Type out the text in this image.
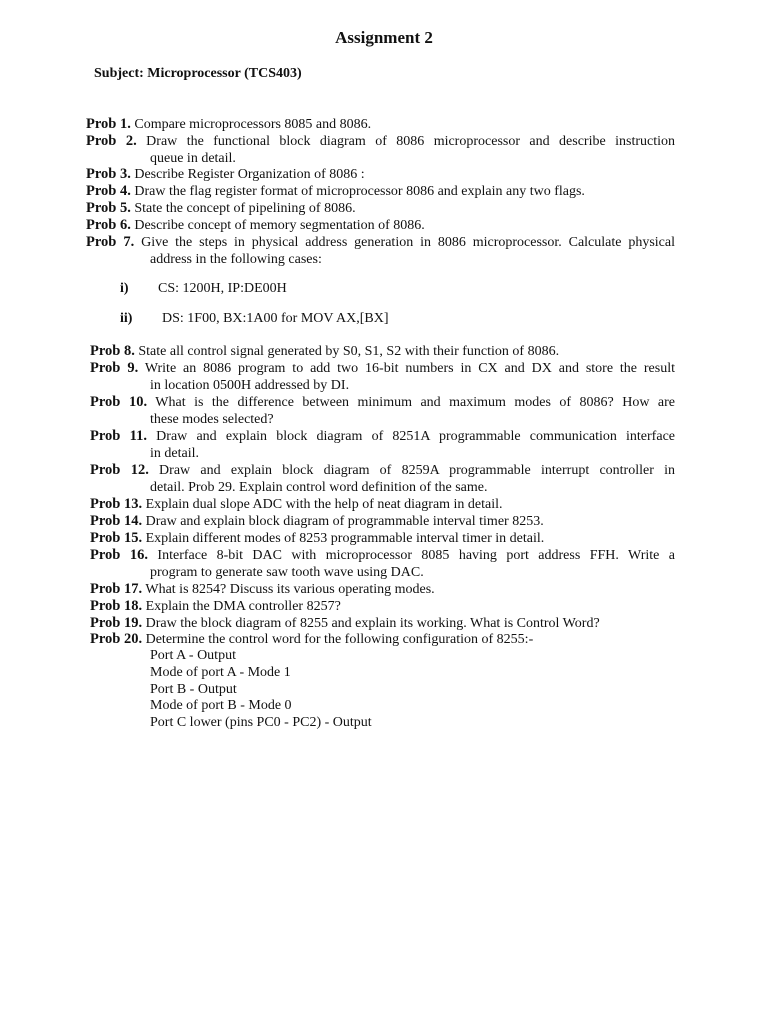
Assignment 2
Subject: Microprocessor (TCS403)
Prob 1. Compare microprocessors 8085 and 8086.
Prob 2. Draw the functional block diagram of 8086 microprocessor and describe instruction
queue in detail.
Prob 3. Describe Register Organization of 8086 :
Prob 4. Draw the flag register format of microprocessor 8086 and explain any two flags.
Prob 5. State the concept of pipelining of 8086.
Prob 6. Describe concept of memory segmentation of 8086.
Prob 7. Give the steps in physical address generation in 8086 microprocessor. Calculate physical
address in the following cases:
Prob 8. State all control signal generated by S0, S1, S2 with their function of 8086.
Prob 9. Write an 8086 program to add two 16-bit numbers in CX and DX and store the result
in location 0500H addressed by DI.
Prob 10. What is the difference between minimum and maximum modes of 8086? How are
these modes selected?
Prob 11. Draw and explain block diagram of 8251A programmable communication interface
in detail.
Prob 12. Draw and explain block diagram of 8259A programmable interrupt controller in
detail. Prob 29. Explain control word definition of the same.
Prob 13. Explain dual slope ADC with the help of neat diagram in detail.
Prob 14. Draw and explain block diagram of programmable interval timer 8253.
Prob 15. Explain different modes of 8253 programmable interval timer in detail.
Prob 16. Interface 8-bit DAC with microprocessor 8085 having port address FFH. Write a
program to generate saw tooth wave using DAC.
Prob 17. What is 8254? Discuss its various operating modes.
Prob 18. Explain the DMA controller 8257?
Prob 19. Draw the block diagram of 8255 and explain its working. What is Control Word?
Prob 20. Determine the control word for the following configuration of 8255:-
i) CS: 1200H, IP:DE00H
ii) DS: 1F00, BX:1A00 for MOV AX,[BX]
Port A - Output
Mode of port A - Mode 1
Port B - Output
Mode of port B - Mode 0
Port C lower (pins PC0 - PC2) - Output
